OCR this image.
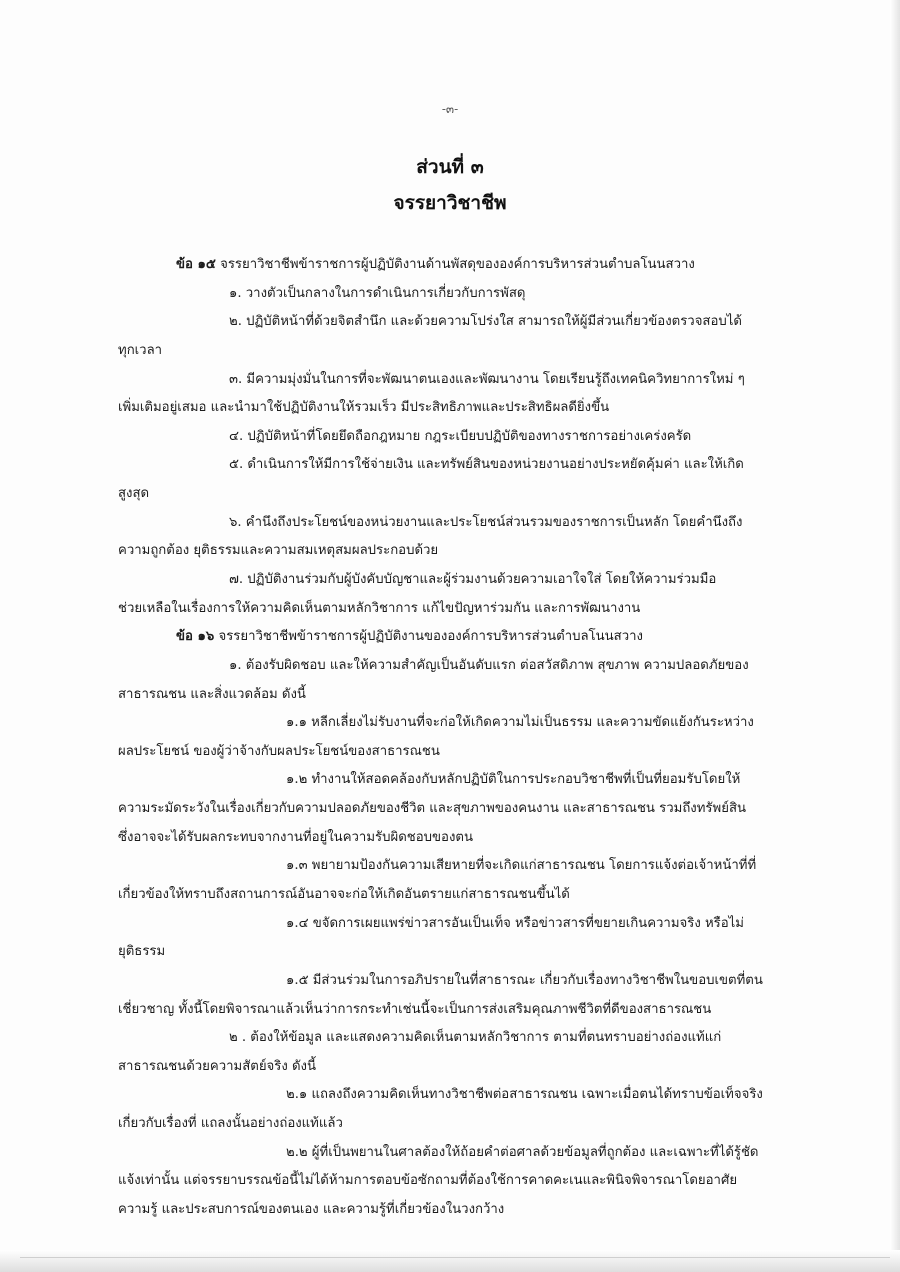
-๓-
ส่วนที่ ๓
จรรยาวิชาชีพ
ข้อ ๑๕ จรรยาวิชาชีพข้าราชการผู้ปฏิบัติงานด้านพัสดุขององค์การบริหารส่วนตำบลโนนสวาง
๑. วางตัวเป็นกลางในการดำเนินการเกี่ยวกับการพัสดุ
๒. ปฏิบัติหน้าที่ด้วยจิตสำนึก และด้วยความโปร่งใส สามารถให้ผู้มีส่วนเกี่ยวข้องตรวจสอบได้
ทุกเวลา
๓. มีความมุ่งมั่นในการที่จะพัฒนาตนเองและพัฒนางาน โดยเรียนรู้ถึงเทคนิควิทยาการใหม่ ๆ
เพิ่มเติมอยู่เสมอ และนำมาใช้ปฏิบัติงานให้รวมเร็ว มีประสิทธิภาพและประสิทธิผลดียิ่งขึ้น
๔. ปฏิบัติหน้าที่โดยยึดถือกฎหมาย กฎระเบียบปฏิบัติของทางราชการอย่างเคร่งครัด
๕. ดำเนินการให้มีการใช้จ่ายเงิน และทรัพย์สินของหน่วยงานอย่างประหยัดคุ้มค่า และให้เกิด
สูงสุด
๖. คำนึงถึงประโยชน์ของหน่วยงานและประโยชน์ส่วนรวมของราชการเป็นหลัก โดยคำนึงถึง
ความถูกต้อง ยุติธรรมและความสมเหตุสมผลประกอบด้วย
๗. ปฏิบัติงานร่วมกับผู้บังคับบัญชาและผู้ร่วมงานด้วยความเอาใจใส่ โดยให้ความร่วมมือ
ช่วยเหลือในเรื่องการให้ความคิดเห็นตามหลักวิชาการ แก้ไขปัญหาร่วมกัน และการพัฒนางาน
ข้อ ๑๖ จรรยาวิชาชีพข้าราชการผู้ปฏิบัติงานขององค์การบริหารส่วนตำบลโนนสวาง
๑. ต้องรับผิดชอบ และให้ความสำคัญเป็นอันดับแรก ต่อสวัสดิภาพ สุขภาพ ความปลอดภัยของ
สาธารณชน และสิ่งแวดล้อม ดังนี้
๑.๑ หลีกเลี่ยงไม่รับงานที่จะก่อให้เกิดความไม่เป็นธรรม และความขัดแย้งกันระหว่าง
ผลประโยชน์ ของผู้ว่าจ้างกับผลประโยชน์ของสาธารณชน
๑.๒ ทำงานให้สอดคล้องกับหลักปฏิบัติในการประกอบวิชาชีพที่เป็นที่ยอมรับโดยให้
ความระมัดระวังในเรื่องเกี่ยวกับความปลอดภัยของชีวิต และสุขภาพของคนงาน และสาธารณชน รวมถึงทรัพย์สิน
ซึ่งอาจจะได้รับผลกระทบจากงานที่อยู่ในความรับผิดชอบของตน
๑.๓ พยายามป้องกันความเสียหายที่จะเกิดแก่สาธารณชน โดยการแจ้งต่อเจ้าหน้าที่ที่
เกี่ยวข้องให้ทราบถึงสถานการณ์อันอาจจะก่อให้เกิดอันตรายแก่สาธารณชนขึ้นได้
๑.๔ ขจัดการเผยแพร่ข่าวสารอันเป็นเท็จ หรือข่าวสารที่ขยายเกินความจริง หรือไม่
ยุติธรรม
๑.๕ มีส่วนร่วมในการอภิปรายในที่สาธารณะ เกี่ยวกับเรื่องทางวิชาชีพในขอบเขตที่ตน
เชี่ยวชาญ ทั้งนี้โดยพิจารณาแล้วเห็นว่าการกระทำเช่นนี้จะเป็นการส่งเสริมคุณภาพชีวิตที่ดีของสาธารณชน
๒ . ต้องให้ข้อมูล และแสดงความคิดเห็นตามหลักวิชาการ ตามที่ตนทราบอย่างถ่องแท้แก่
สาธารณชนด้วยความสัตย์จริง ดังนี้
๒.๑ แถลงถึงความคิดเห็นทางวิชาชีพต่อสาธารณชน เฉพาะเมื่อตนได้ทราบข้อเท็จจริง
เกี่ยวกับเรื่องที่ แถลงนั้นอย่างถ่องแท้แล้ว
๒.๒ ผู้ที่เป็นพยานในศาลต้องให้ถ้อยคำต่อศาลด้วยข้อมูลที่ถูกต้อง และเฉพาะที่ได้รู้ชัด
แจ้งเท่านั้น แต่จรรยาบรรณข้อนี้ไม่ได้ห้ามการตอบข้อซักถามที่ต้องใช้การคาดคะเนและพินิจพิจารณาโดยอาศัย
ความรู้ และประสบการณ์ของตนเอง และความรู้ที่เกี่ยวข้องในวงกว้าง
